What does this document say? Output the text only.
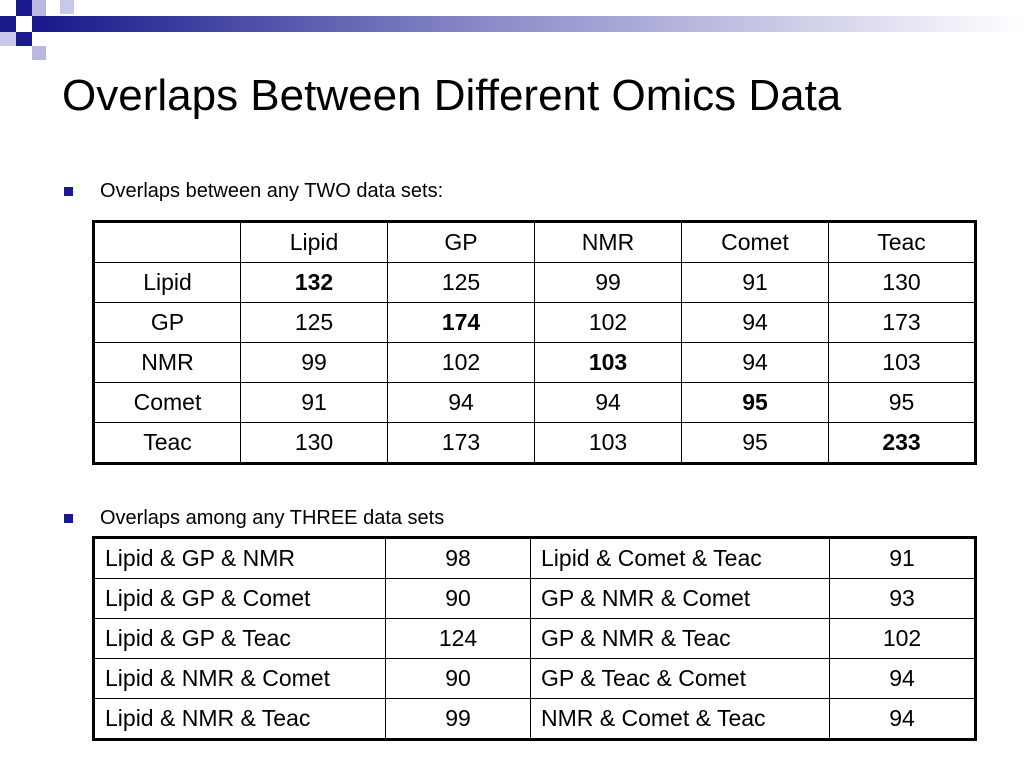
Overlaps Between Different Omics Data
Overlaps between any TWO data sets:
	Lipid	GP	NMR	Comet	Teac
Lipid	132	125	99	91	130
GP	125	174	102	94	173
NMR	99	102	103	94	103
Comet	91	94	94	95	95
Teac	130	173	103	95	233
Overlaps among any THREE data sets
Lipid & GP & NMR	98	Lipid & Comet & Teac	91
Lipid & GP & Comet	90	GP & NMR & Comet	93
Lipid & GP & Teac	124	GP & NMR & Teac	102
Lipid & NMR & Comet	90	GP & Teac & Comet	94
Lipid & NMR & Teac	99	NMR & Comet & Teac	94
